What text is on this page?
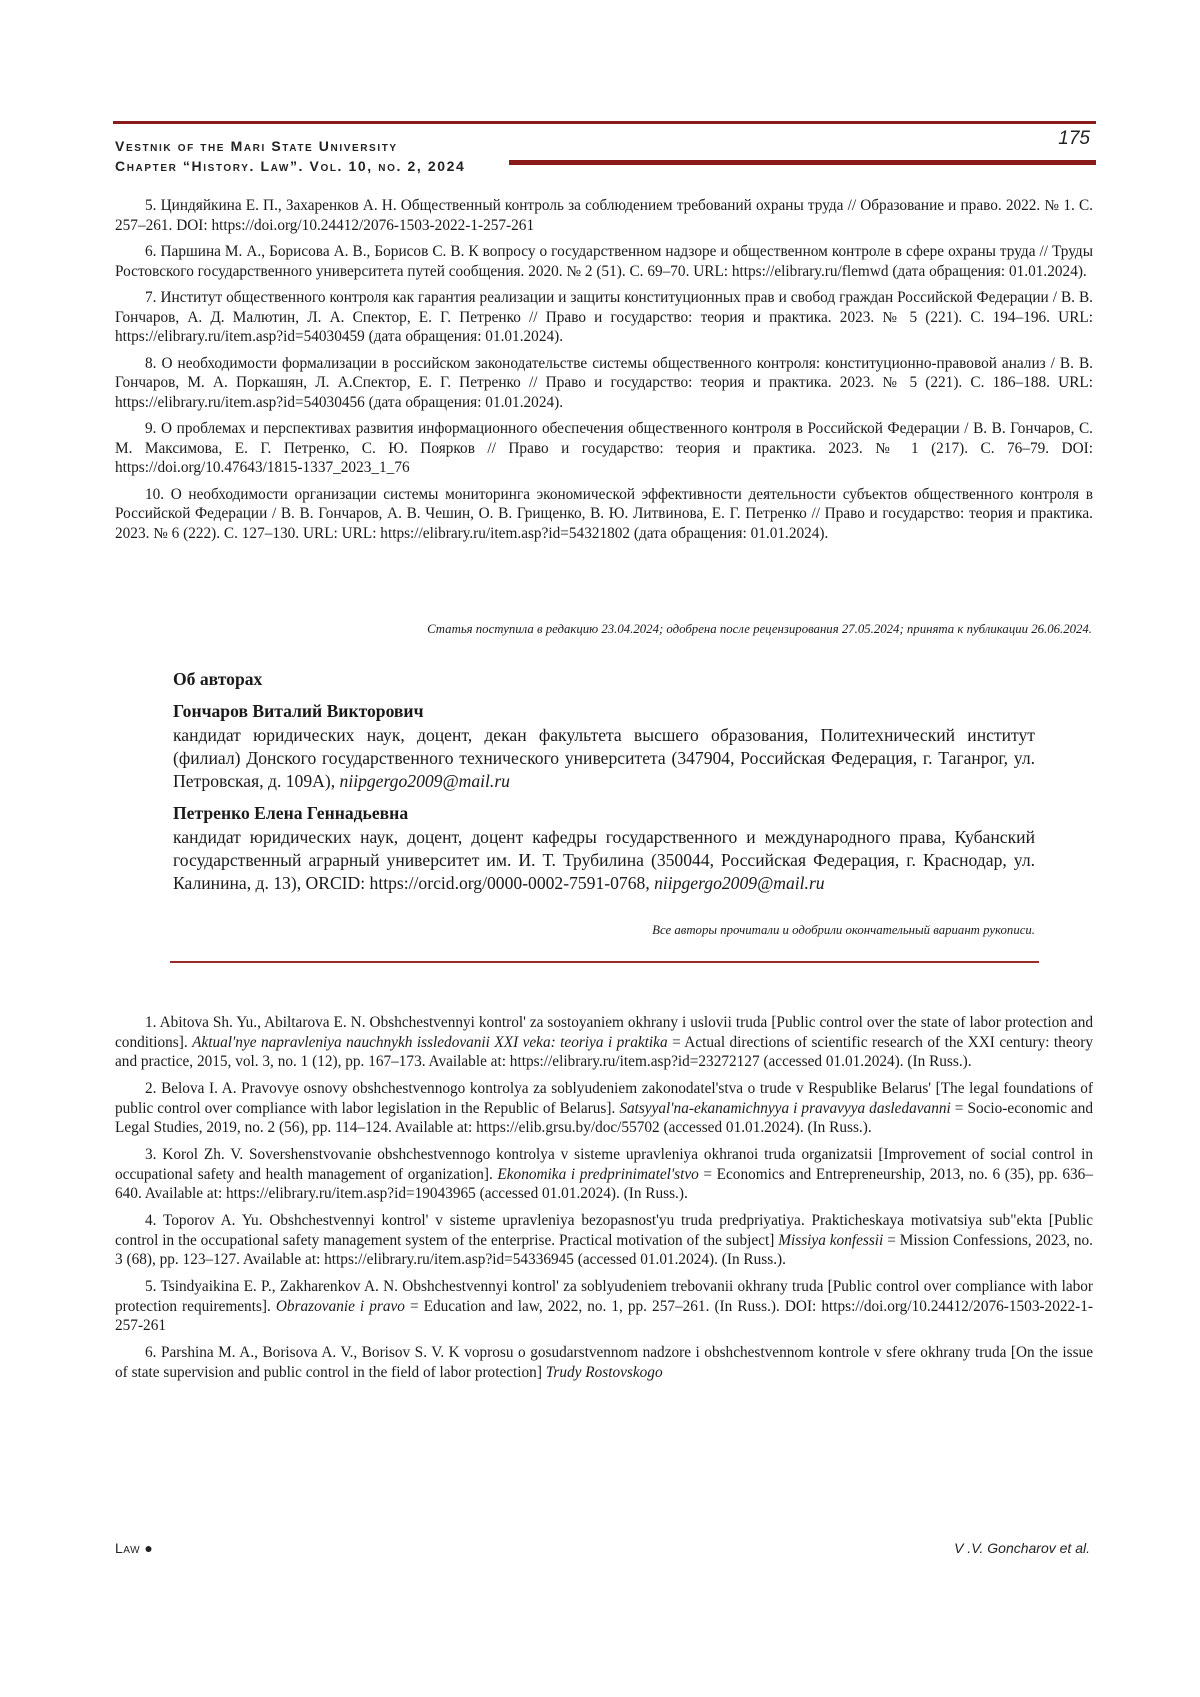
Vestnik of the Mari State University
Chapter “History. Law”. Vol. 10, no. 2, 2024
175

5. Циндяйкина Е. П., Захаренков А. Н. Общественный контроль за соблюдением требований охраны труда // Образование и право. 2022. № 1. С. 257–261. DOI: https://doi.org/10.24412/2076-1503-2022-1-257-261

6. Паршина М. А., Борисова А. В., Борисов С. В. К вопросу о государственном надзоре и общественном контроле в сфере охраны труда // Труды Ростовского государственного университета путей сообщения. 2020. № 2 (51). С. 69–70. URL: https://elibrary.ru/flemwd (дата обращения: 01.01.2024).

7. Институт общественного контроля как гарантия реализации и защиты конституционных прав и свобод граждан Российской Федерации / В. В. Гончаров, А. Д. Малютин, Л. А. Спектор, Е. Г. Петренко // Право и государство: теория и практика. 2023. № 5 (221). С. 194–196. URL: https://elibrary.ru/item.asp?id=54030459 (дата обращения: 01.01.2024).

8. О необходимости формализации в российском законодательстве системы общественного контроля: конституционно-правовой анализ / В. В. Гончаров, М. А. Поркашян, Л. А.Спектор, Е. Г. Петренко // Право и государство: теория и практика. 2023. № 5 (221). С. 186–188. URL: https://elibrary.ru/item.asp?id=54030456 (дата обращения: 01.01.2024).

9. О проблемах и перспективах развития информационного обеспечения общественного контроля в Российской Федерации / В. В. Гончаров, С. М. Максимова, Е. Г. Петренко, С. Ю. Поярков // Право и государство: теория и практика. 2023. № 1 (217). С. 76–79. DOI: https://doi.org/10.47643/1815-1337_2023_1_76

10. О необходимости организации системы мониторинга экономической эффективности деятельности субъектов общественного контроля в Российской Федерации / В. В. Гончаров, А. В. Чешин, О. В. Грищенко, В. Ю. Литвинова, Е. Г. Петренко // Право и государство: теория и практика. 2023. № 6 (222). С. 127–130. URL: URL: https://elibrary.ru/item.asp?id=54321802 (дата обращения: 01.01.2024).

Статья поступила в редакцию 23.04.2024; одобрена после рецензирования 27.05.2024; принята к публикации 26.06.2024.

Об авторах

Гончаров Виталий Викторович

кандидат юридических наук, доцент, декан факультета высшего образования, Политехнический институт (филиал) Донского государственного технического университета (347904, Российская Федерация, г. Таганрог, ул. Петровская, д. 109А), niipgergo2009@mail.ru

Петренко Елена Геннадьевна

кандидат юридических наук, доцент, доцент кафедры государственного и международного права, Кубанский государственный аграрный университет им. И. Т. Трубилина (350044, Российская Федерация, г. Краснодар, ул. Калинина, д. 13), ORCID: https://orcid.org/0000-0002-7591-0768, niipgergo2009@mail.ru

Все авторы прочитали и одобрили окончательный вариант рукописи.

1. Abitova Sh. Yu., Abiltarova E. N. Obshchestvennyi kontrol' za sostoyaniem okhrany i uslovii truda [Public control over the state of labor protection and conditions]. Aktual'nye napravleniya nauchnykh issledovanii XXI veka: teoriya i praktika = Actual directions of scientific research of the XXI century: theory and practice, 2015, vol. 3, no. 1 (12), pp. 167–173. Available at: https://elibrary.ru/item.asp?id=23272127 (accessed 01.01.2024). (In Russ.).

2. Belova I. A. Pravovye osnovy obshchestvennogo kontrolya za soblyudeniem zakonodatel'stva o trude v Respublike Belarus' [The legal foundations of public control over compliance with labor legislation in the Republic of Belarus]. Satsyyal'na-ekanamichnyya i pravavyya dasledavanni = Socio-economic and Legal Studies, 2019, no. 2 (56), pp. 114–124. Available at: https://elib.grsu.by/doc/55702 (accessed 01.01.2024). (In Russ.).

3. Korol Zh. V. Sovershenstvovanie obshchestvennogo kontrolya v sisteme upravleniya okhranoi truda organizatsii [Improvement of social control in occupational safety and health management of organization]. Ekonomika i predprinimatel'stvo = Economics and Entrepreneurship, 2013, no. 6 (35), pp. 636–640. Available at: https://elibrary.ru/item.asp?id=19043965 (accessed 01.01.2024). (In Russ.).

4. Toporov A. Yu. Obshchestvennyi kontrol' v sisteme upravleniya bezopasnost'yu truda predpriyatiya. Prakticheskaya motivatsiya sub"ekta [Public control in the occupational safety management system of the enterprise. Practical motivation of the subject] Missiya konfessii = Mission Confessions, 2023, no. 3 (68), pp. 123–127. Available at: https://elibrary.ru/item.asp?id=54336945 (accessed 01.01.2024). (In Russ.).

5. Tsindyaikina E. P., Zakharenkov A. N. Obshchestvennyi kontrol' za soblyudeniem trebovanii okhrany truda [Public control over compliance with labor protection requirements]. Obrazovanie i pravo = Education and law, 2022, no. 1, pp. 257–261. (In Russ.). DOI: https://doi.org/10.24412/2076-1503-2022-1-257-261

6. Parshina M. A., Borisova A. V., Borisov S. V. K voprosu o gosudarstvennom nadzore i obshchestvennom kontrole v sfere okhrany truda [On the issue of state supervision and public control in the field of labor protection] Trudy Rostovskogo

Law ●	V .V. Goncharov et al.
